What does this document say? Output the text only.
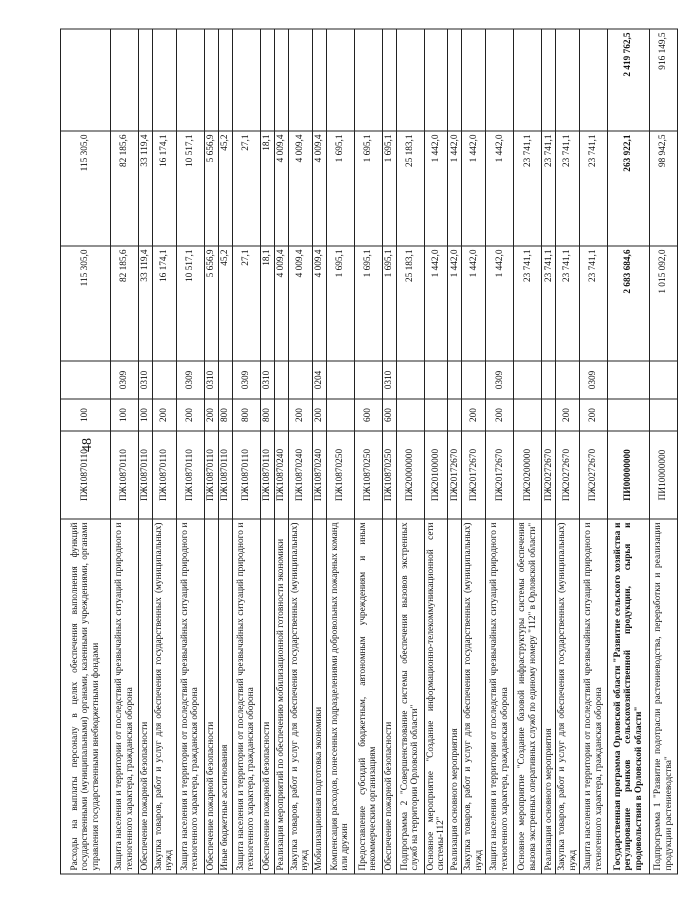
48
Расходы на выплаты персоналу в целях обеспечения выполнения функций государственными (муниципальными) органами, казенными учреждениями, органами управления государственными внебюджетными фондами	ПЖ10870110	100		115 305,0	115 305,0	
Защита населения и территории от последствий чрезвычайных ситуаций природного и техногенного характера, гражданская оборона	ПЖ10870110	100	0309	82 185,6	82 185,6	
Обеспечение пожарной безопасности	ПЖ10870110	100	0310	33 119,4	33 119,4	
Закупка товаров, работ и услуг для обеспечения государственных (муниципальных) нужд	ПЖ10870110	200		16 174,1	16 174,1	
Защита населения и территории от последствий чрезвычайных ситуаций природного и техногенного характера, гражданская оборона	ПЖ10870110	200	0309	10 517,1	10 517,1	
Обеспечение пожарной безопасности	ПЖ10870110	200	0310	5 656,9	5 656,9	
Иные бюджетные ассигнования	ПЖ10870110	800		45,2	45,2	
Защита населения и территории от последствий чрезвычайных ситуаций природного и техногенного характера, гражданская оборона	ПЖ10870110	800	0309	27,1	27,1	
Обеспечение пожарной безопасности	ПЖ10870110	800	0310	18,1	18,1	
Реализация мероприятий по обеспечению мобилизационной готовности экономики	ПЖ10870240			4 009,4	4 009,4	
Закупка товаров, работ и услуг для обеспечения государственных (муниципальных) нужд	ПЖ10870240	200		4 009,4	4 009,4	
Мобилизационная подготовка экономики	ПЖ10870240	200	0204	4 009,4	4 009,4	
Компенсация расходов, понесенных подразделениями добровольных пожарных команд или дружин	ПЖ10870250			1 695,1	1 695,1	
Предоставление субсидий бюджетным, автономным учреждениям и иным некоммерческим организациям	ПЖ10870250	600		1 695,1	1 695,1	
Обеспечение пожарной безопасности	ПЖ10870250	600	0310	1 695,1	1 695,1	
Подпрограмма 2 "Совершенствование системы обеспечения вызовов экстренных служб на территории Орловской области"	ПЖ20000000			25 183,1	25 183,1	
Основное мероприятие "Создание информационно-телекоммуникационной сети системы-112"	ПЖ20100000			1 442,0	1 442,0	
Реализация основного мероприятия	ПЖ20172670			1 442,0	1 442,0	
Закупка товаров, работ и услуг для обеспечения государственных (муниципальных) нужд	ПЖ20172670	200		1 442,0	1 442,0	
Защита населения и территории от последствий чрезвычайных ситуаций природного и техногенного характера, гражданская оборона	ПЖ20172670	200	0309	1 442,0	1 442,0	
Основное мероприятие "Создание базовой инфраструктуры системы обеспечения вызова экстренных оперативных служб по единому номеру "112" в Орловской области"	ПЖ20200000			23 741,1	23 741,1	
Реализация основного мероприятия	ПЖ20272670			23 741,1	23 741,1	
Закупка товаров, работ и услуг для обеспечения государственных (муниципальных) нужд	ПЖ20272670	200		23 741,1	23 741,1	
Защита населения и территории от последствий чрезвычайных ситуаций природного и техногенного характера, гражданская оборона	ПЖ20272670	200	0309	23 741,1	23 741,1	
Государственная программа Орловской области "Развитие сельского хозяйства и регулирование рынков сельскохозяйственной продукции, сырья и продовольствия в Орловской области"	ПИ00000000			2 683 684,6	263 922,1	2 419 762,5
Подпрограмма 1 "Развитие подотрасли растениеводства, переработки и реализации продукции растениеводства"	ПИ10000000			1 015 092,0	98 942,5	916 149,5
